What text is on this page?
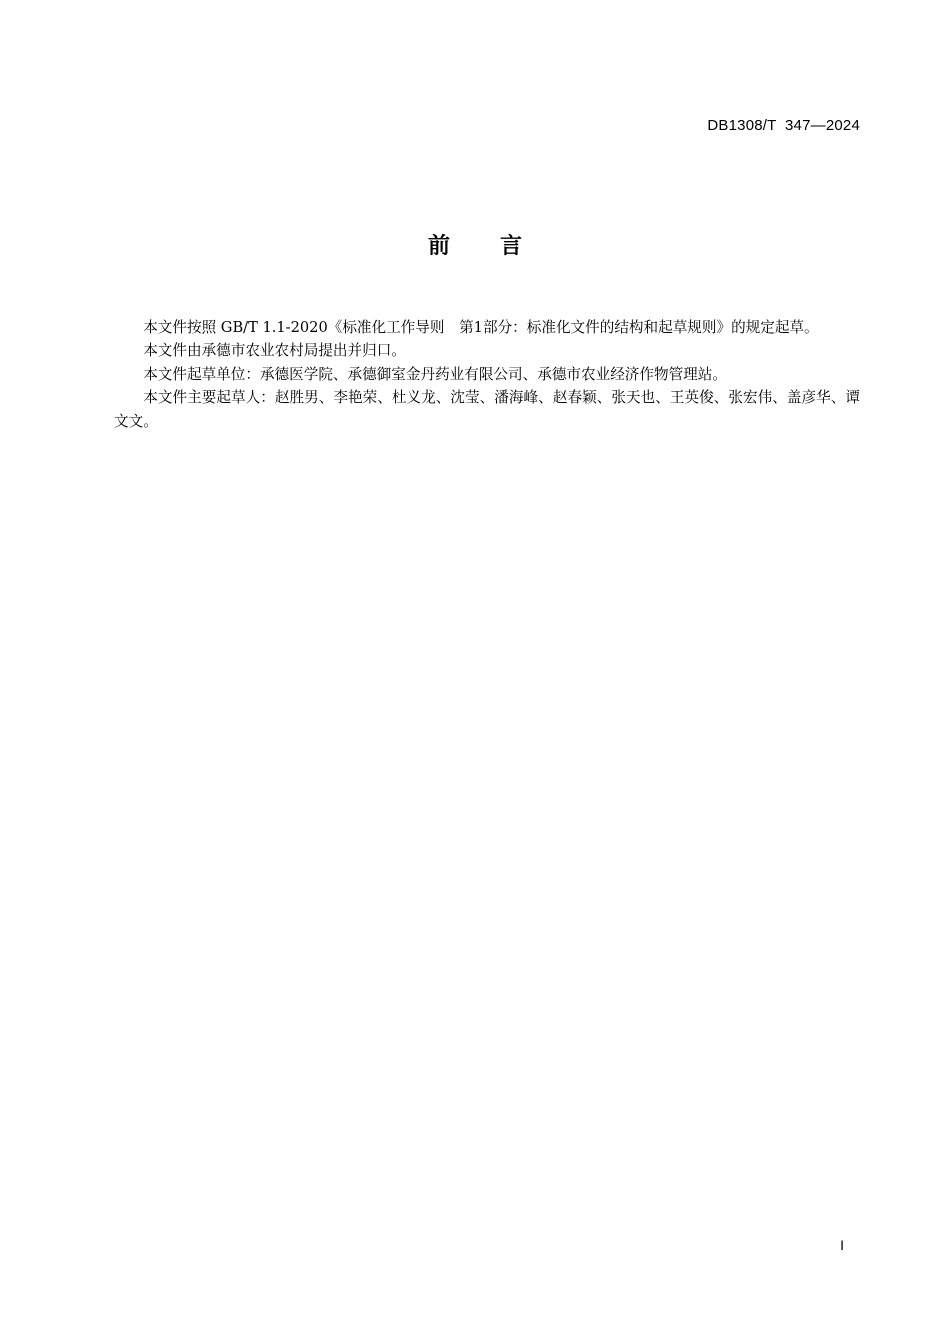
DB1308/T  347—2024
前言

本文件按照 GB/T 1.1-2020《标准化工作导则　第1部分：标准化文件的结构和起草规则》的规定起草。

本文件由承德市农业农村局提出并归口。

本文件起草单位：承德医学院、承德御室金丹药业有限公司、承德市农业经济作物管理站。

本文件主要起草人：赵胜男、李艳荣、杜义龙、沈莹、潘海峰、赵春颖、张天也、王英俊、张宏伟、盖彦华、谭文文。

I
